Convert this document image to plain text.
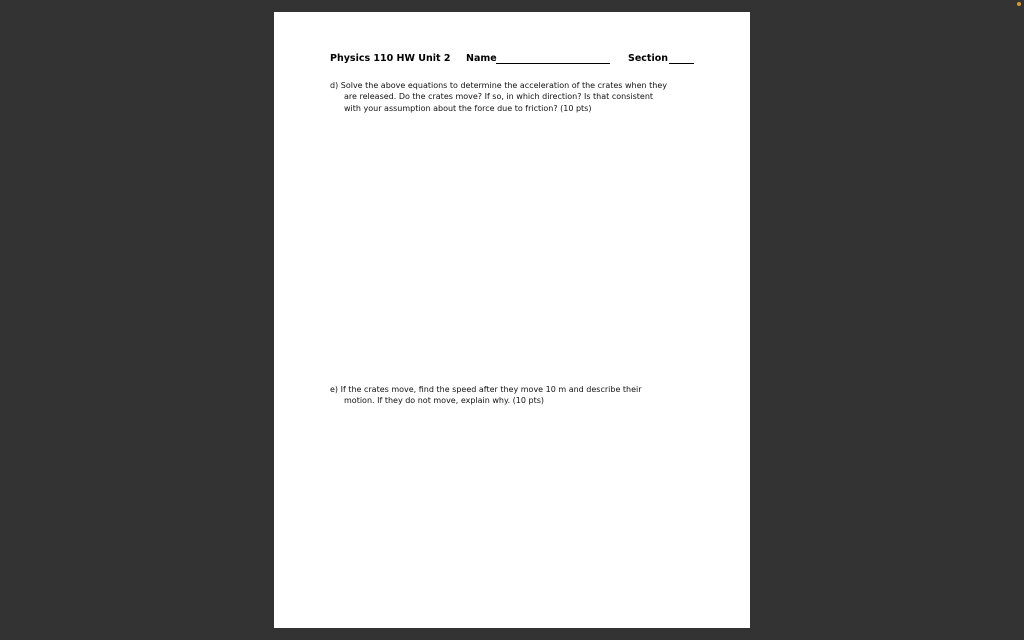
Physics 110 HW Unit 2 Name	Section
d) Solve the above equations to determine the acceleration of the crates when they
are released. Do the crates move? If so, in which direction? Is that consistent
with your assumption about the force due to friction? (10 pts)
e) If the crates move, find the speed after they move 10 m and describe their
motion. If they do not move, explain why. (10 pts)
